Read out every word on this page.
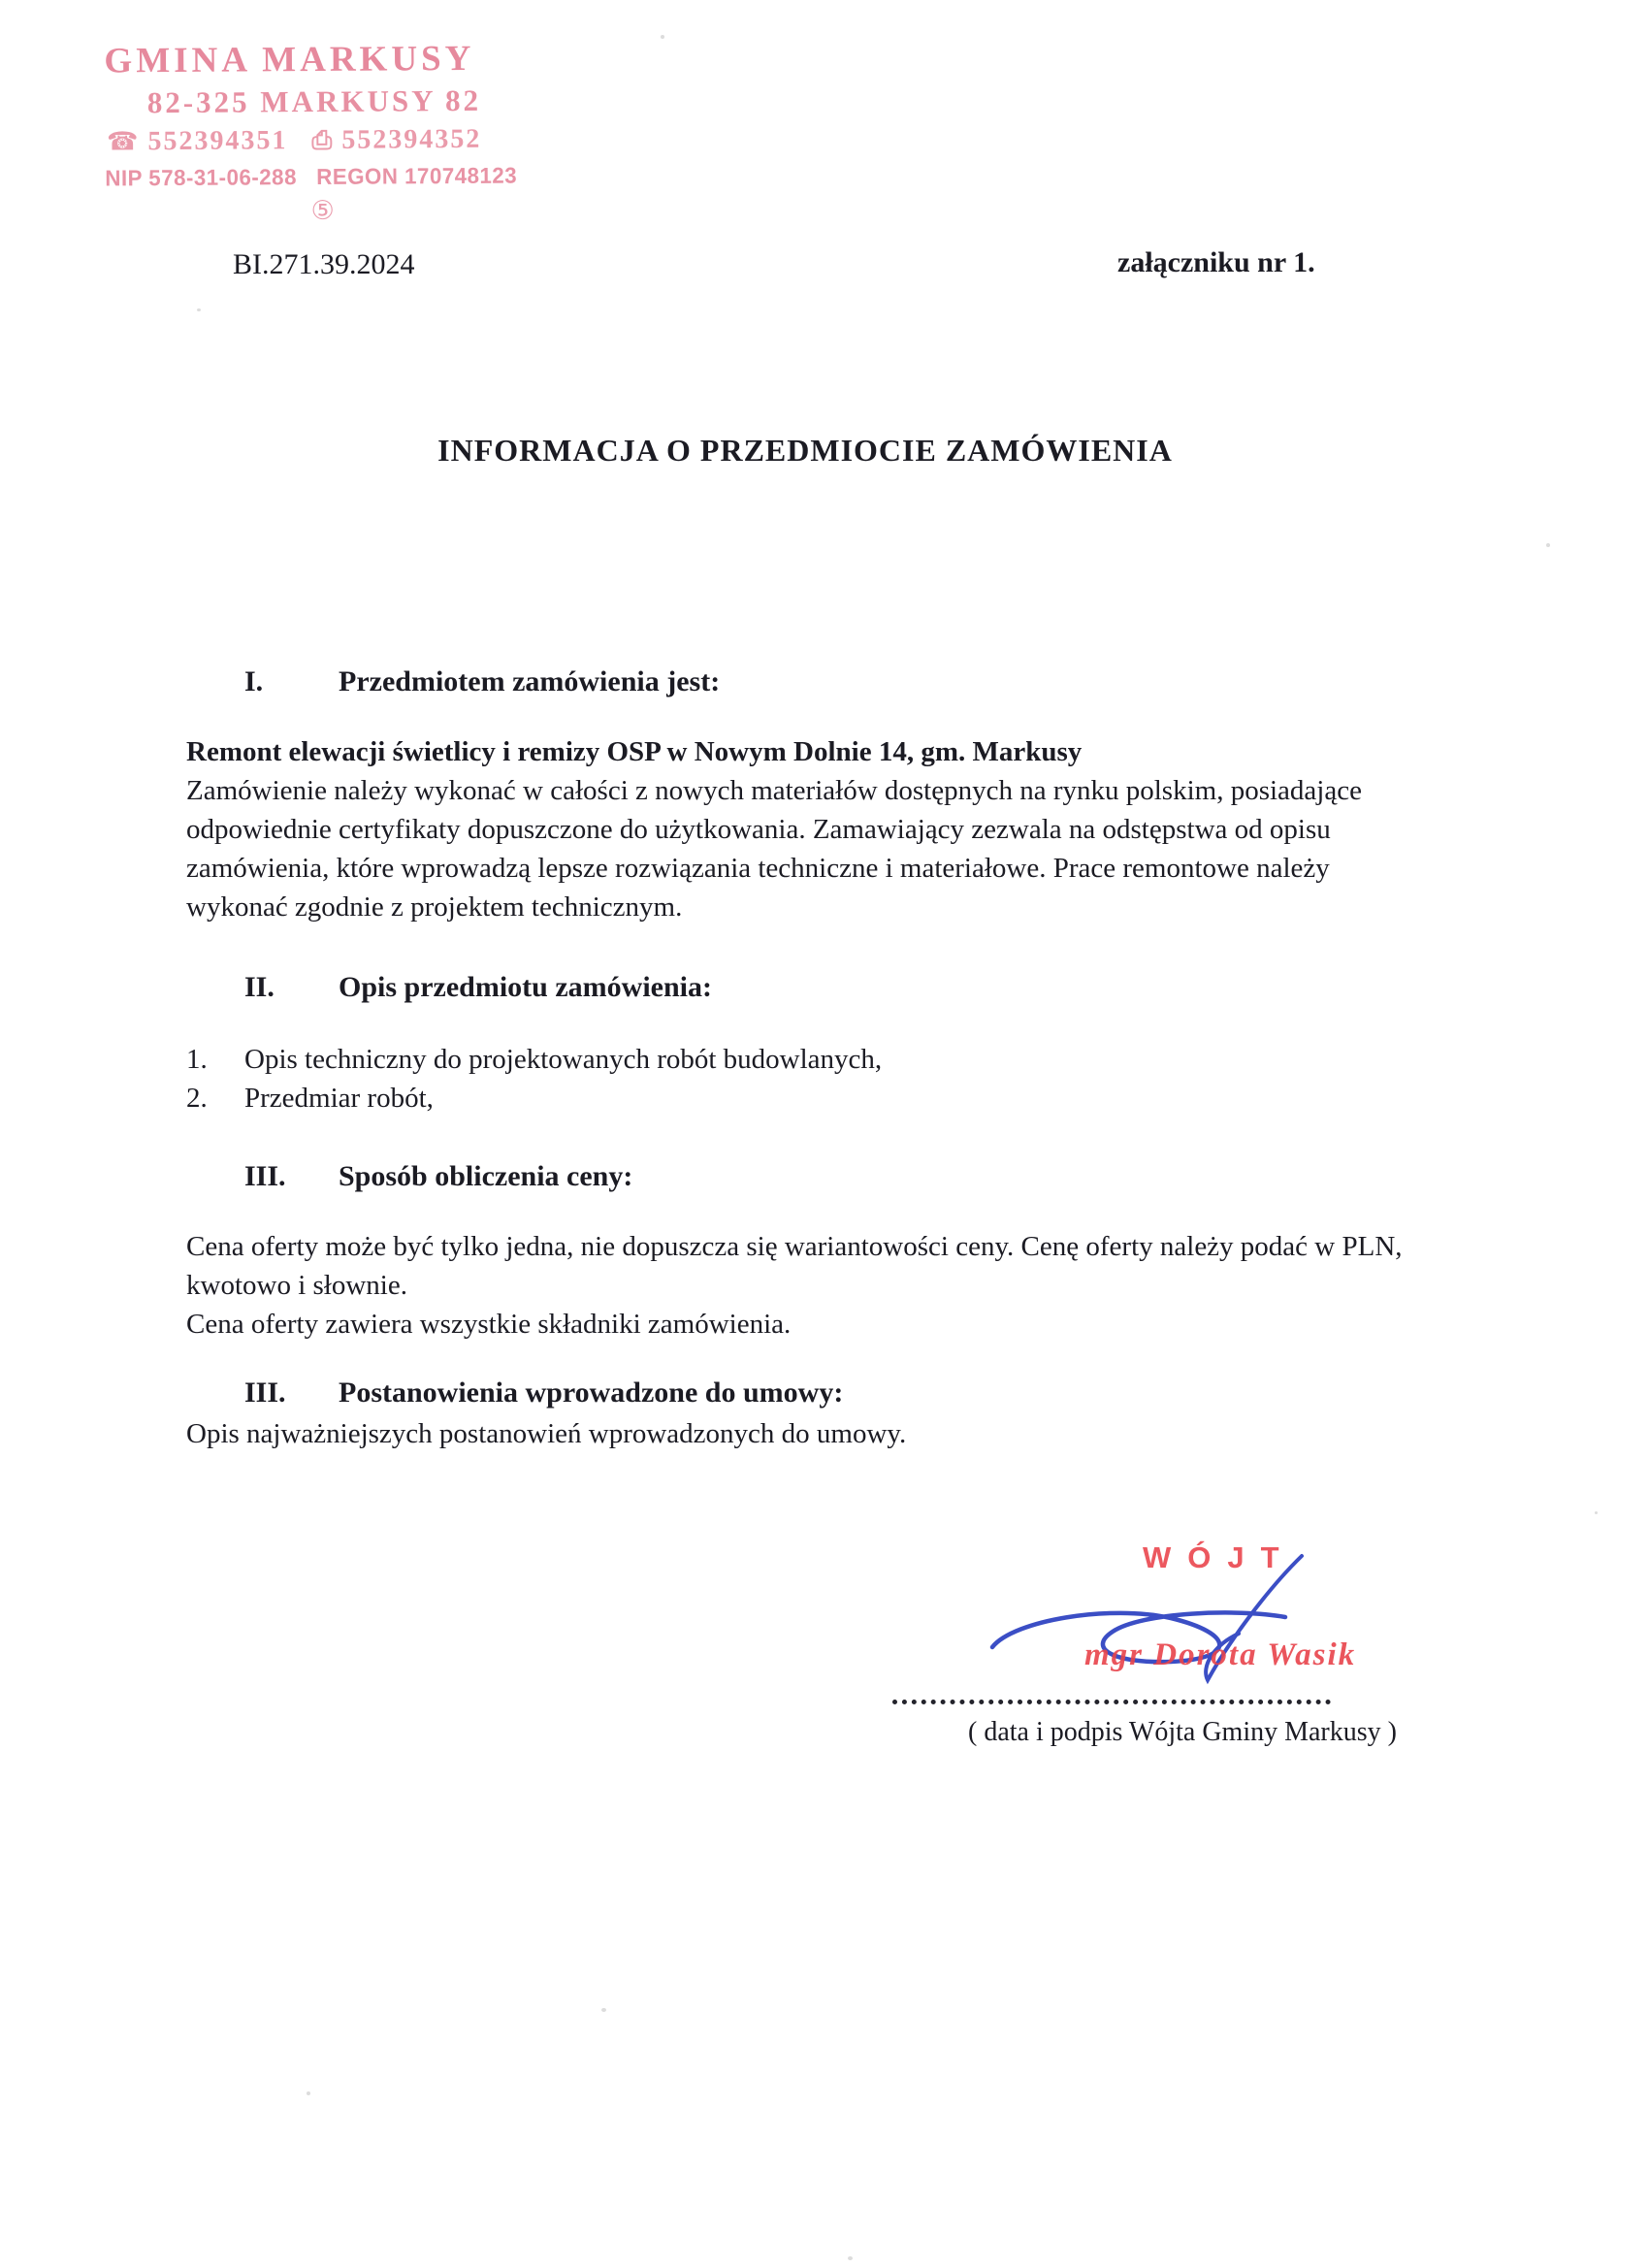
GMINA MARKUSY
82-325 MARKUSY 82
☎ 552394351 ⎙ 552394352
NIP 578-31-06-288 REGON 170748123
⑤
BI.271.39.2024	załączniku nr 1.
INFORMACJA O PRZEDMIOCIE ZAMÓWIENIA
I.	Przedmiotem zamówienia jest:

Remont elewacji świetlicy i remizy OSP w Nowym Dolnie 14, gm. Markusy

Zamówienie należy wykonać w całości z nowych materiałów dostępnych na rynku polskim, posiadające odpowiednie certyfikaty dopuszczone do użytkowania. Zamawiający zezwala na odstępstwa od opisu zamówienia, które wprowadzą lepsze rozwiązania techniczne i materiałowe. Prace remontowe należy wykonać zgodnie z projektem technicznym.

II.	Opis przedmiotu zamówienia:
1.	Opis techniczny do projektowanych robót budowlanych,
2.	Przedmiar robót,
III.	Sposób obliczenia ceny:

Cena oferty może być tylko jedna, nie dopuszcza się wariantowości ceny. Cenę oferty należy podać w PLN, kwotowo i słownie.

Cena oferty zawiera wszystkie składniki zamówienia.

III.	Postanowienia wprowadzone do umowy:

Opis najważniejszych postanowień wprowadzonych do umowy.

WÓJT
mgr Dorota Wasik
( data i podpis Wójta Gminy Markusy )
